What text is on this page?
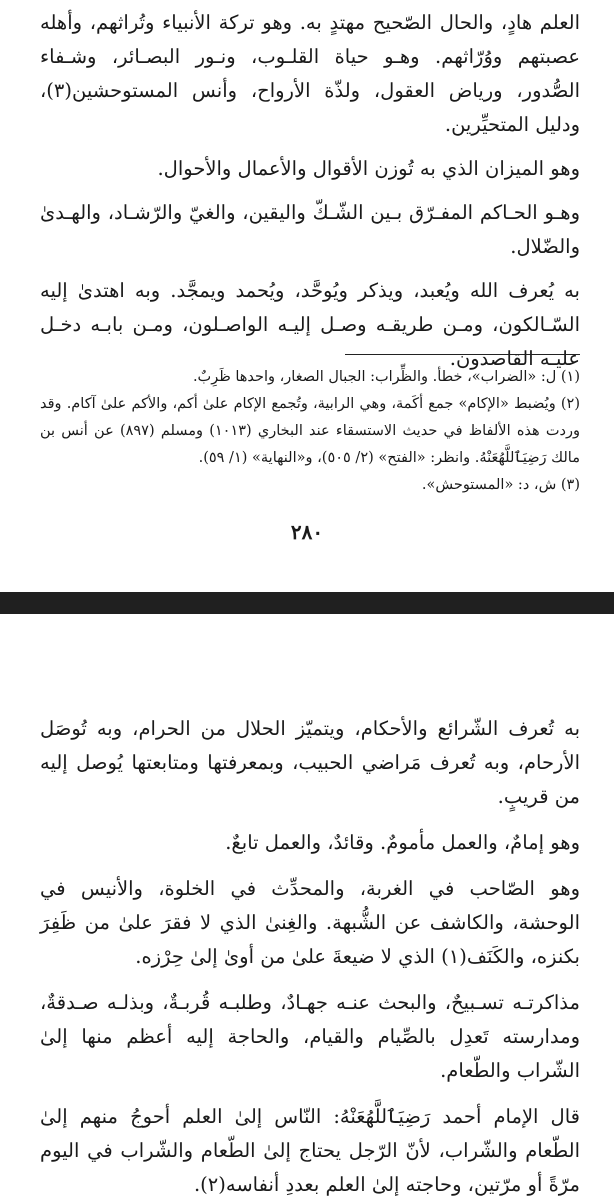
العلم هادٍ، والحال الصّحيح مهتدٍ به. وهو تركة الأنبياء وتُراثهم، وأهله عصبتهم ووُرّاثهم. وهـو حياة القلـوب، ونـور البصـائر، وشـفاء الصُّدور، ورياض العقول، ولذّة الأرواح، وأنس المستوحشين(٣)، ودليل المتحيِّرين.

وهو الميزان الذي به تُوزن الأقوال والأعمال والأحوال.

وهـو الحـاكم المفـرّق بـين الشّـكّ واليقين، والغيّ والرّشـاد، والهـدىٰ والضّلال.

به يُعرف الله ويُعبد، ويذكر ويُوحَّد، ويُحمد ويمجَّد. وبه اهتدىٰ إليه السّـالكون، ومـن طريقـه وصـل إليـه الواصـلون، ومـن بابـه دخـل عليـه القاصدون.

(١) ل: «الضراب»، خطأ. والظِّراب: الجبال الصغار، واحدها ظَرِبٌ.

(٢) ويُضبط «الإكام» جمع أكَمة، وهي الرابية، وتُجمع الإكام علىٰ أكم، والأكم علىٰ آكام. وقد وردت هذه الألفاظ في حديث الاستسقاء عند البخاري (١٠١٣) ومسلم (٨٩٧) عن أنس بن مالك رَضِيَٱللَّهُعَنْهُ. وانظر: «الفتح» (٢/ ٥٠٥)، و«النهاية» (١/ ٥٩).

(٣) ش، د: «المستوحش».

٢٨٠

به تُعرف الشّرائع والأحكام، ويتميّز الحلال من الحرام، وبه تُوصَل الأرحام، وبه تُعرف مَراضي الحبيب، وبمعرفتها ومتابعتها يُوصل إليه من قريبٍ.

وهو إمامٌ، والعمل مأمومٌ. وقائدٌ، والعمل تابعٌ.

وهو الصّاحب في الغربة، والمحدِّث في الخلوة، والأنيس في الوحشة، والكاشف عن الشُّبهة. والغِنىٰ الذي لا فقرَ علىٰ من ظَفِرَ بكنزه، والكَنَف(١) الذي لا ضيعةَ علىٰ من أوىٰ إلىٰ حِرْزه.

مذاكرتـه تسـبيحٌ، والبحث عنـه جهـادٌ، وطلبـه قُربـةٌ، وبذلـه صـدقةٌ، ومدارسته تَعدِل بالصِّيام والقيام، والحاجة إليه أعظم منها إلىٰ الشّراب والطّعام.

قال الإمام أحمد رَضِيَٱللَّهُعَنْهُ: النّاس إلىٰ العلم أحوجُ منهم إلىٰ الطّعام والشّراب، لأنّ الرّجل يحتاج إلىٰ الطّعام والشّراب في اليوم مرّةً أو مرّتين، وحاجته إلىٰ العلم بعددِ أنفاسه(٢).
